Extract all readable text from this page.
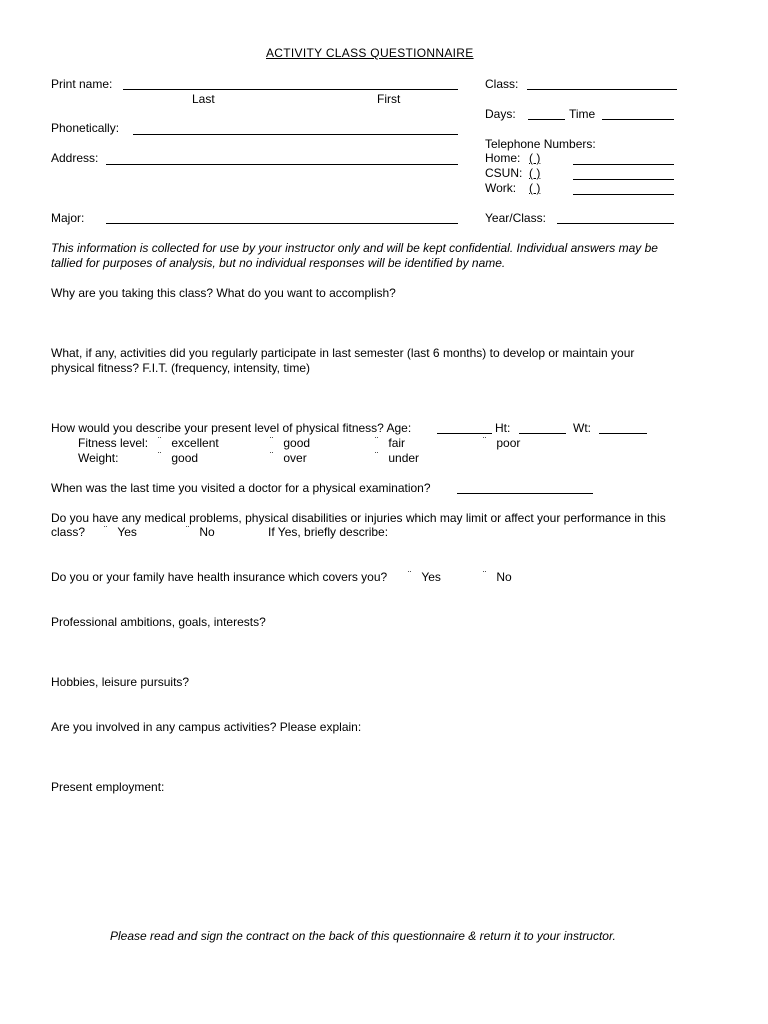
ACTIVITY CLASS QUESTIONNAIRE
Print name:
Last	First
Phonetically:
Address:
Major:
Class:
Days:	Time
Telephone Numbers:
Home: ( )
CSUN: ( )
Work: ( )
Year/Class:
This information is collected for use by your instructor only and will be kept confidential. Individual answers may be
tallied for purposes of analysis, but no individual responses will be identified by name.
Why are you taking this class? What do you want to accomplish?
What, if any, activities did you regularly participate in last semester (last 6 months) to develop or maintain your
physical fitness? F.I.T. (frequency, intensity, time)
How would you describe your present level of physical fitness? Age:	Ht:	Wt:
Fitness level: ¨ excellent	¨ good	¨ fair	¨ poor
Weight:	¨ good	¨ over	¨ under
When was the last time you visited a doctor for a physical examination?
Do you have any medical problems, physical disabilities or injuries which may limit or affect your performance in this
class? ¨ Yes	¨ No	If Yes, briefly describe:
Do you or your family have health insurance which covers you? ¨ Yes	¨ No
Professional ambitions, goals, interests?
Hobbies, leisure pursuits?
Are you involved in any campus activities? Please explain:
Present employment:
Please read and sign the contract on the back of this questionnaire & return it to your instructor.
